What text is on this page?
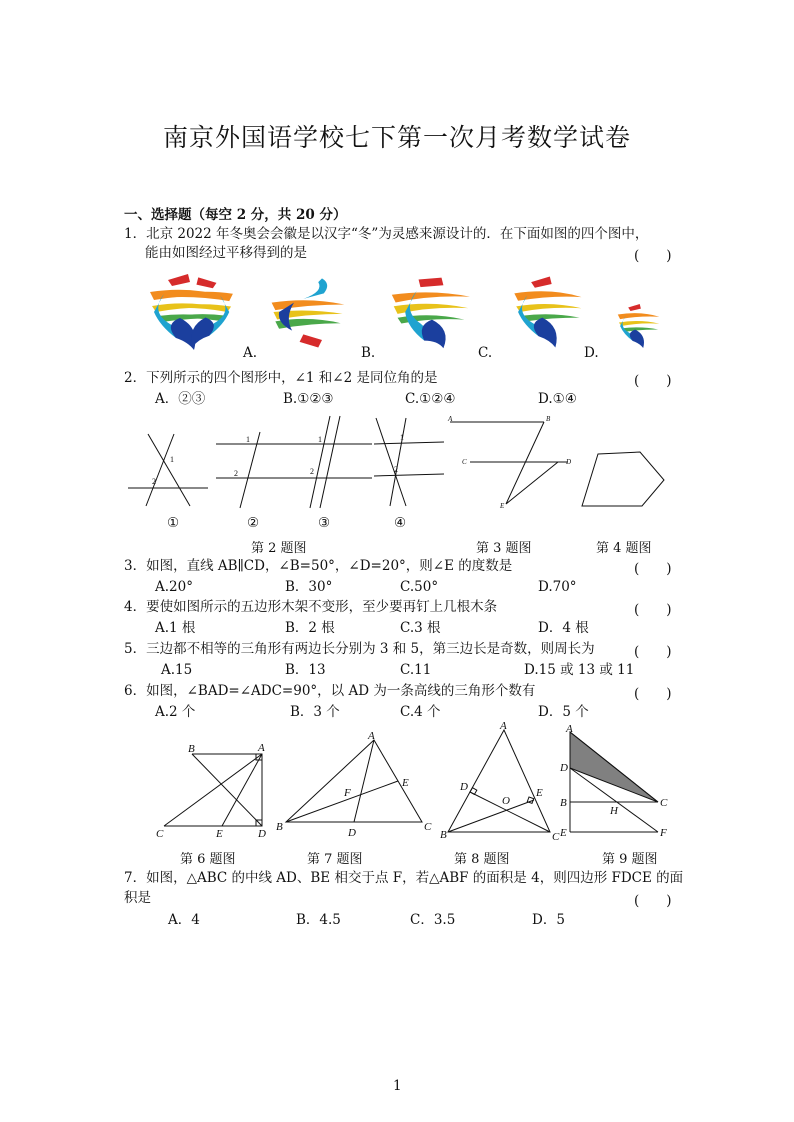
南京外国语学校七下第一次月考数学试卷
一、选择题（每空 2 分，共 20 分）
1．北京 2022 年冬奥会会徽是以汉字“冬”为灵感来源设计的．在下面如图的四个图中，
能由如图经过平移得到的是	(　　)
A.	B.	C.	D.
2．下列所示的四个图形中，∠1 和∠2 是同位角的是	(　　)
A．②③	B.①②③	C.①②④	D.①④
1
2
1
2
1
2
1
2
①	②	③	④
A	B
C	D
E
第 2 题图	第 3 题图	第 4 题图
3．如图，直线 AB∥CD，∠B=50°，∠D=20°，则∠E 的度数是	(　　)
A.20°	B．30°	C.50°	D.70°
4．要使如图所示的五边形木架不变形，至少要再钉上几根木条	(　　)
A.1 根	B．2 根	C.3 根	D．4 根
5．三边都不相等的三角形有两边长分别为 3 和 5，第三边长是奇数，则周长为	(　　)
A.15	B．13	C.11	D.15 或 13 或 11
6．如图，∠BAD=∠ADC=90°，以 AD 为一条高线的三角形个数有	(　　)
A.2 个	B．3 个	C.4 个	D．5 个
B	A
C	E	D
A
B	C
D
E
F
A
B	C
D	E
O
A
D
B	C
H
E	F
第 6 题图	第 7 题图	第 8 题图	第 9 题图
7．如图，△ABC 的中线 AD、BE 相交于点 F，若△ABF 的面积是 4，则四边形 FDCE 的面
积是	(　　)
A．4	B．4.5	C．3.5	D．5
1
